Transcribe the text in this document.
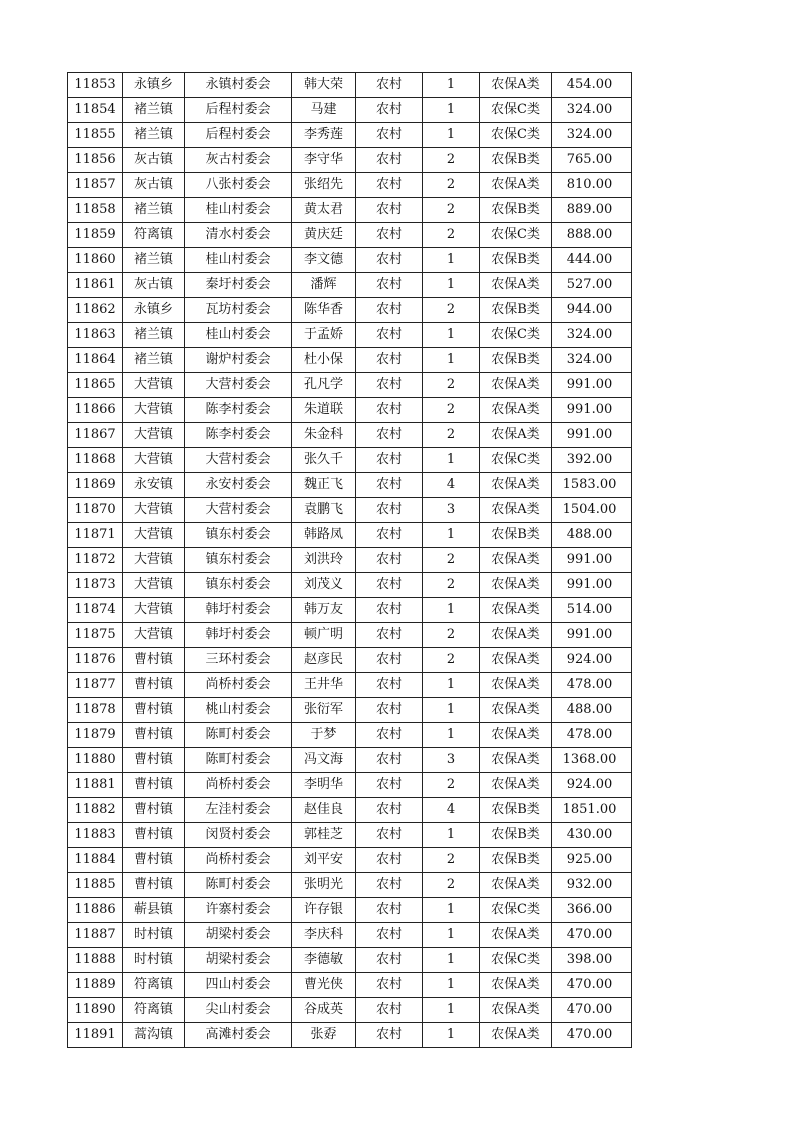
11853	永镇乡	永镇村委会	韩大荣	农村	1	农保A类	454.00
11854	褚兰镇	后程村委会	马建	农村	1	农保C类	324.00
11855	褚兰镇	后程村委会	李秀莲	农村	1	农保C类	324.00
11856	灰古镇	灰古村委会	李守华	农村	2	农保B类	765.00
11857	灰古镇	八张村委会	张绍先	农村	2	农保A类	810.00
11858	褚兰镇	桂山村委会	黄太君	农村	2	农保B类	889.00
11859	符离镇	清水村委会	黄庆廷	农村	2	农保C类	888.00
11860	褚兰镇	桂山村委会	李文德	农村	1	农保B类	444.00
11861	灰古镇	秦圩村委会	潘辉	农村	1	农保A类	527.00
11862	永镇乡	瓦坊村委会	陈华香	农村	2	农保B类	944.00
11863	褚兰镇	桂山村委会	于孟娇	农村	1	农保C类	324.00
11864	褚兰镇	谢炉村委会	杜小保	农村	1	农保B类	324.00
11865	大营镇	大营村委会	孔凡学	农村	2	农保A类	991.00
11866	大营镇	陈李村委会	朱道联	农村	2	农保A类	991.00
11867	大营镇	陈李村委会	朱金科	农村	2	农保A类	991.00
11868	大营镇	大营村委会	张久千	农村	1	农保C类	392.00
11869	永安镇	永安村委会	魏正飞	农村	4	农保A类	1583.00
11870	大营镇	大营村委会	袁鹏飞	农村	3	农保A类	1504.00
11871	大营镇	镇东村委会	韩路凤	农村	1	农保B类	488.00
11872	大营镇	镇东村委会	刘洪玲	农村	2	农保A类	991.00
11873	大营镇	镇东村委会	刘茂义	农村	2	农保A类	991.00
11874	大营镇	韩圩村委会	韩万友	农村	1	农保A类	514.00
11875	大营镇	韩圩村委会	顿广明	农村	2	农保A类	991.00
11876	曹村镇	三环村委会	赵彦民	农村	2	农保A类	924.00
11877	曹村镇	尚桥村委会	王井华	农村	1	农保A类	478.00
11878	曹村镇	桃山村委会	张衍军	农村	1	农保A类	488.00
11879	曹村镇	陈町村委会	于梦	农村	1	农保A类	478.00
11880	曹村镇	陈町村委会	冯文海	农村	3	农保A类	1368.00
11881	曹村镇	尚桥村委会	李明华	农村	2	农保A类	924.00
11882	曹村镇	左洼村委会	赵佳良	农村	4	农保B类	1851.00
11883	曹村镇	闵贤村委会	郭桂芝	农村	1	农保B类	430.00
11884	曹村镇	尚桥村委会	刘平安	农村	2	农保B类	925.00
11885	曹村镇	陈町村委会	张明光	农村	2	农保A类	932.00
11886	蕲县镇	许寨村委会	许存银	农村	1	农保C类	366.00
11887	时村镇	胡梁村委会	李庆科	农村	1	农保A类	470.00
11888	时村镇	胡梁村委会	李德敏	农村	1	农保C类	398.00
11889	符离镇	四山村委会	曹光侠	农村	1	农保A类	470.00
11890	符离镇	尖山村委会	谷成英	农村	1	农保A类	470.00
11891	蒿沟镇	高滩村委会	张孬	农村	1	农保A类	470.00
